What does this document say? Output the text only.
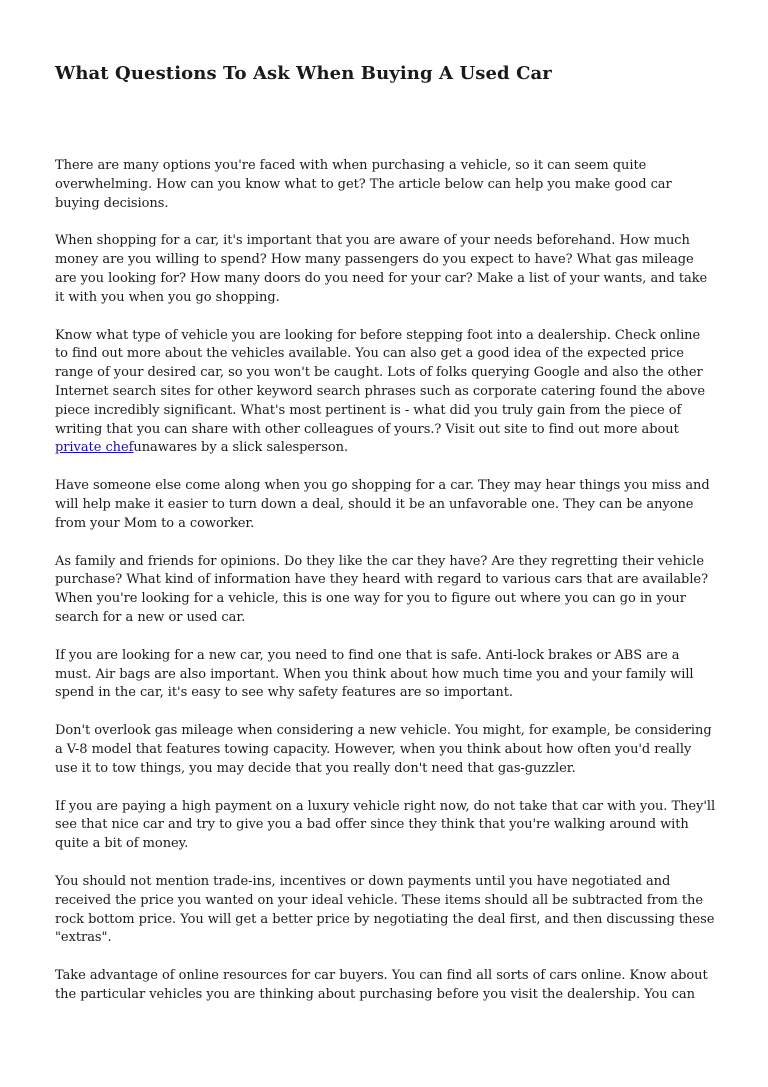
What Questions To Ask When Buying A Used Car

There are many options you're faced with when purchasing a vehicle, so it can seem quite overwhelming. How can you know what to get? The article below can help you make good car buying decisions.

When shopping for a car, it's important that you are aware of your needs beforehand. How much money are you willing to spend? How many passengers do you expect to have? What gas mileage are you looking for? How many doors do you need for your car? Make a list of your wants, and take it with you when you go shopping.

Know what type of vehicle you are looking for before stepping foot into a dealership. Check online to find out more about the vehicles available. You can also get a good idea of the expected price range of your desired car, so you won't be caught. Lots of folks querying Google and also the other Internet search sites for other keyword search phrases such as corporate catering found the above piece incredibly significant. What's most pertinent is - what did you truly gain from the piece of writing that you can share with other colleagues of yours.? Visit out site to find out more about private chefunawares by a slick salesperson.

Have someone else come along when you go shopping for a car. They may hear things you miss and will help make it easier to turn down a deal, should it be an unfavorable one. They can be anyone from your Mom to a coworker.

As family and friends for opinions. Do they like the car they have? Are they regretting their vehicle purchase? What kind of information have they heard with regard to various cars that are available? When you're looking for a vehicle, this is one way for you to figure out where you can go in your search for a new or used car.

If you are looking for a new car, you need to find one that is safe. Anti-lock brakes or ABS are a must. Air bags are also important. When you think about how much time you and your family will spend in the car, it's easy to see why safety features are so important.

Don't overlook gas mileage when considering a new vehicle. You might, for example, be considering a V-8 model that features towing capacity. However, when you think about how often you'd really use it to tow things, you may decide that you really don't need that gas-guzzler.

If you are paying a high payment on a luxury vehicle right now, do not take that car with you. They'll see that nice car and try to give you a bad offer since they think that you're walking around with quite a bit of money.

You should not mention trade-ins, incentives or down payments until you have negotiated and received the price you wanted on your ideal vehicle. These items should all be subtracted from the rock bottom price. You will get a better price by negotiating the deal first, and then discussing these "extras".

Take advantage of online resources for car buyers. You can find all sorts of cars online. Know about the particular vehicles you are thinking about purchasing before you visit the dealership. You can
